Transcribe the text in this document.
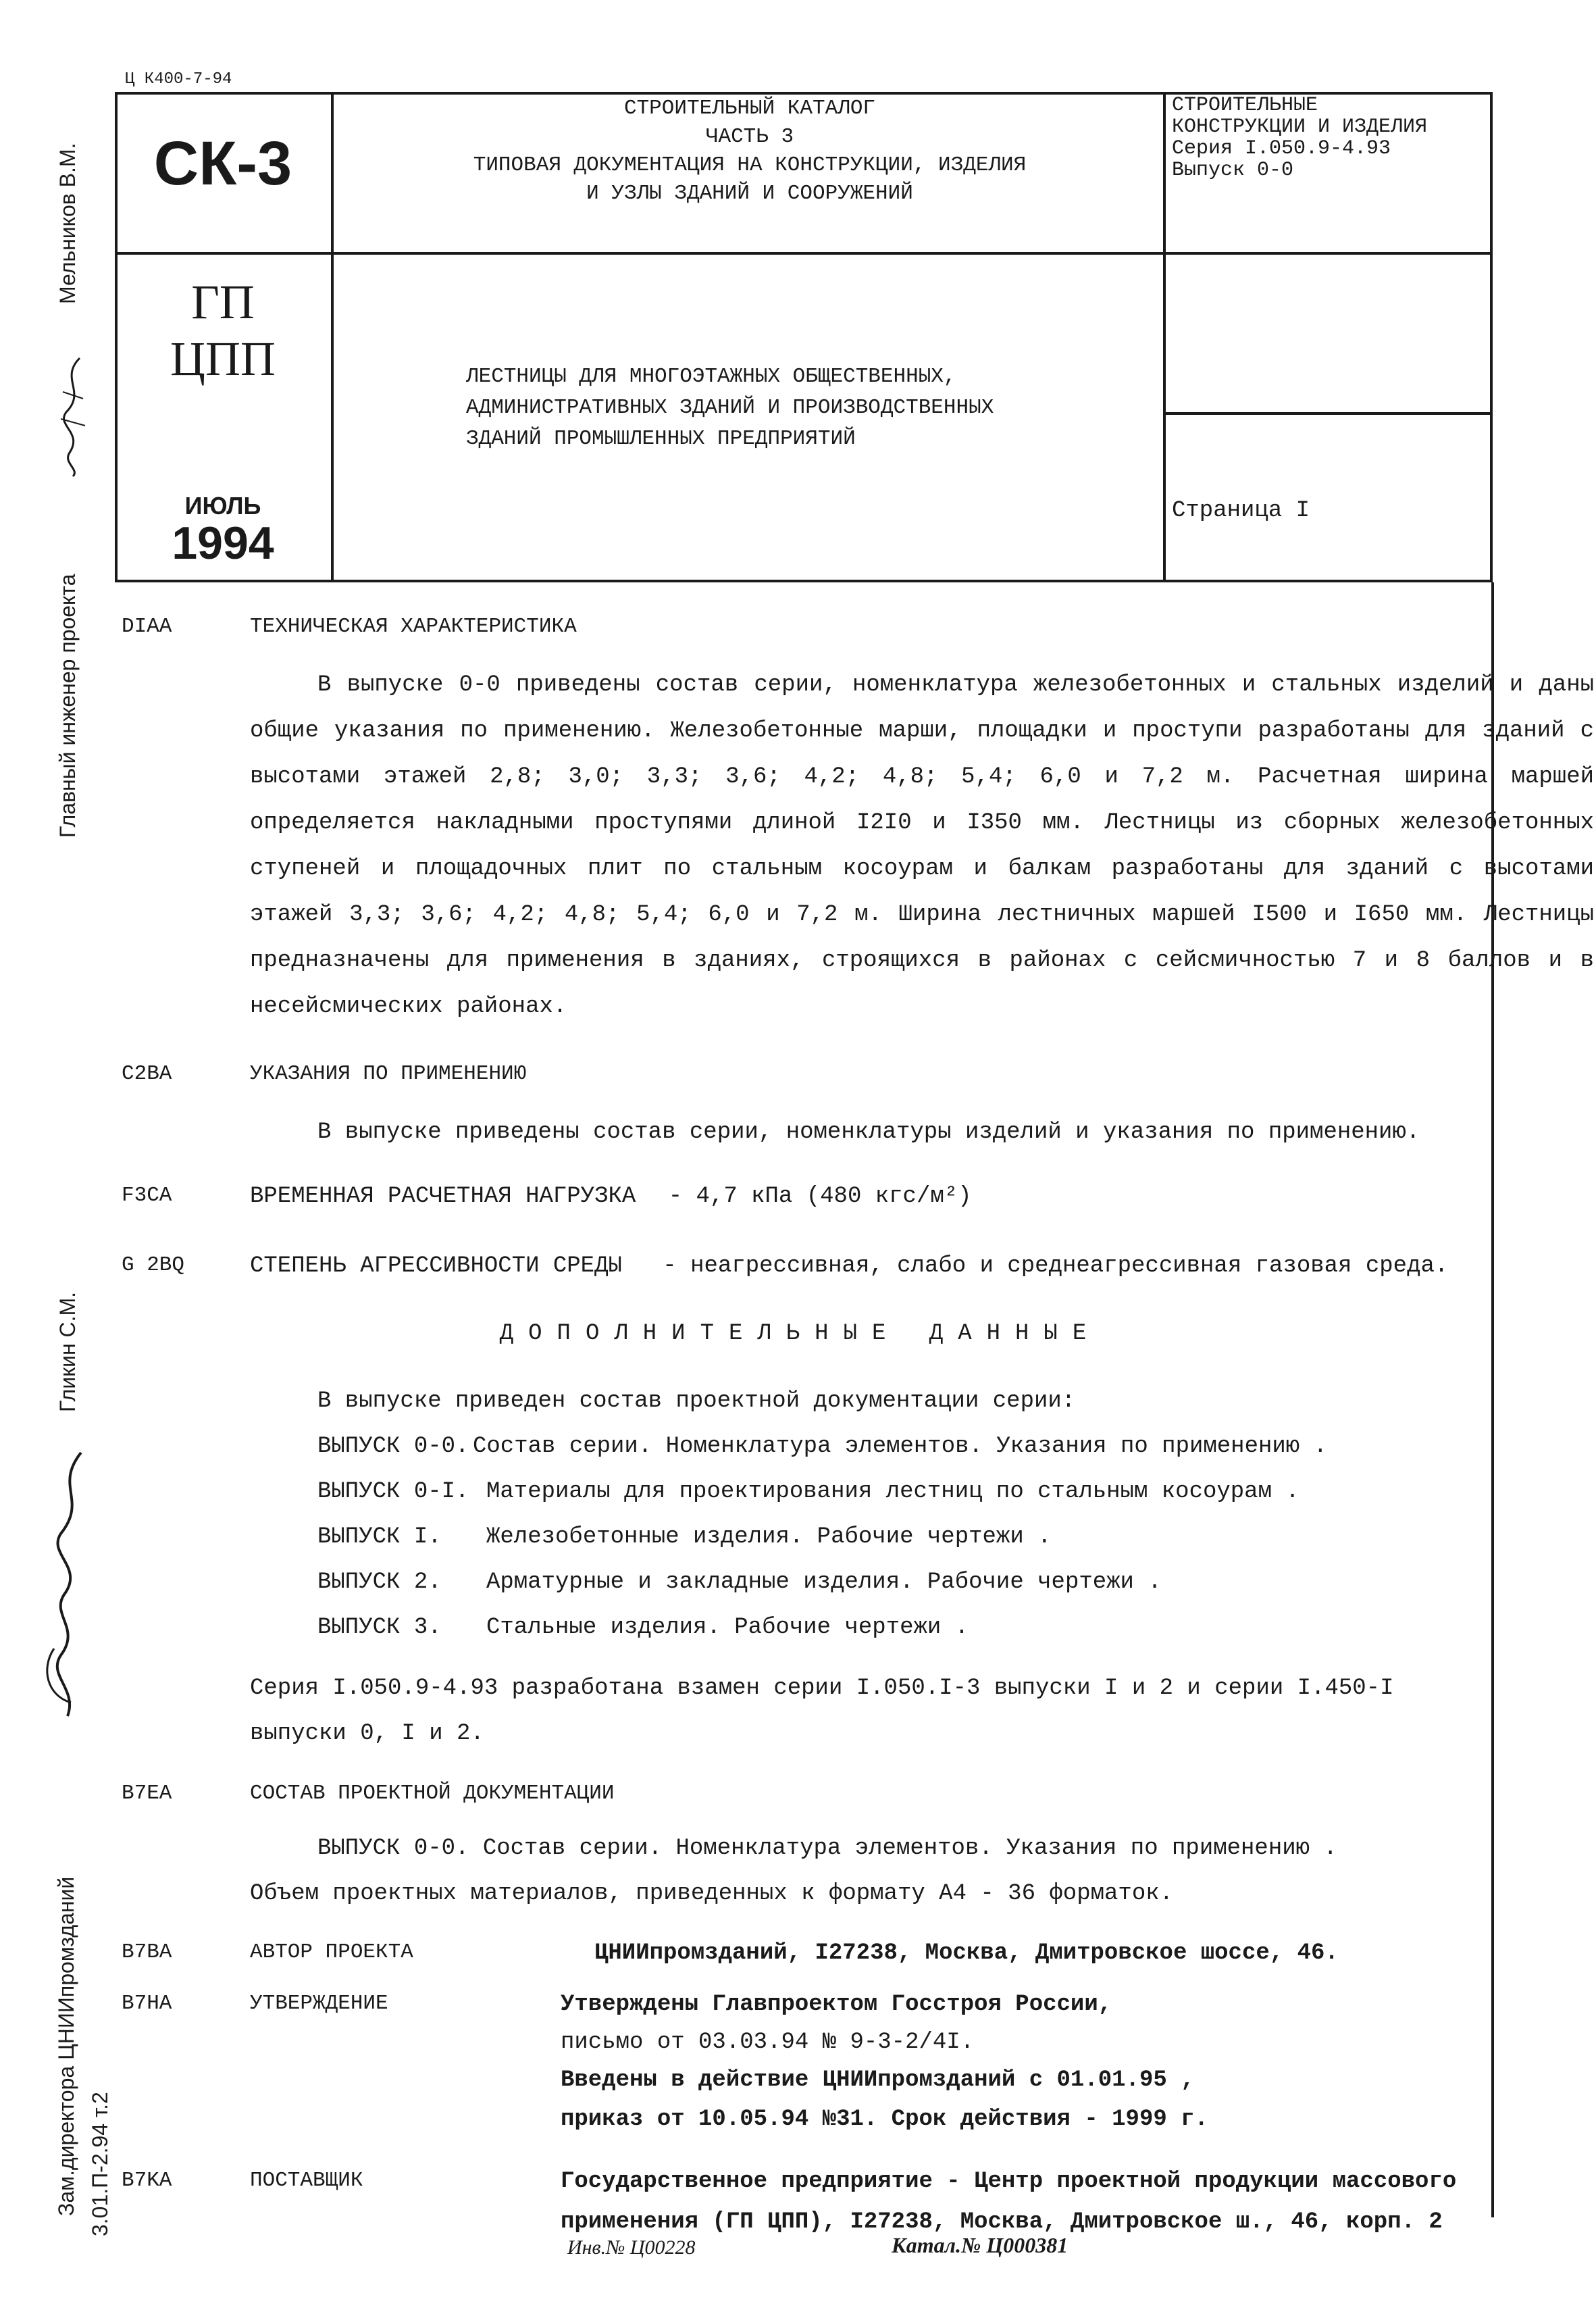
Ц К400-7-94
СК-3
ГП
ЦПП
ИЮЛЬ
1994
СТРОИТЕЛЬНЫЙ КАТАЛОГ
ЧАСТЬ 3
ТИПОВАЯ ДОКУМЕНТАЦИЯ НА КОНСТРУКЦИИ, ИЗДЕЛИЯ
И УЗЛЫ ЗДАНИЙ И СООРУЖЕНИЙ
ЛЕСТНИЦЫ ДЛЯ МНОГОЭТАЖНЫХ ОБЩЕСТВЕННЫХ,
АДМИНИСТРАТИВНЫХ ЗДАНИЙ И ПРОИЗВОДСТВЕННЫХ
ЗДАНИЙ ПРОМЫШЛЕННЫХ ПРЕДПРИЯТИЙ
СТРОИТЕЛЬНЫЕ
КОНСТРУКЦИИ И ИЗДЕЛИЯ
Серия I.050.9-4.93
Выпуск 0-0
Страница I
Мельников В.М.
Главный инженер проекта
Гликин С.М.
Зам.директора ЦНИИпромзданий 3.01.П-2.94 т.2
DIAA	ТЕХНИЧЕСКАЯ ХАРАКТЕРИСТИКА
В выпуске 0-0 приведены состав серии, номенклатура железобетонных и стальных изделий и даны общие указания по применению. Железобетонные марши, площадки и проступи разработаны для зданий с высотами этажей 2,8; 3,0; 3,3; 3,6; 4,2; 4,8; 5,4; 6,0 и 7,2 м. Расчетная ширина маршей определяется накладными проступями длиной I2I0 и I350 мм. Лестницы из сборных железобетонных ступеней и площадочных плит по стальным косоурам и балкам разработаны для зданий с высотами этажей 3,3; 3,6; 4,2; 4,8; 5,4; 6,0 и 7,2 м. Ширина лестничных маршей I500 и I650 мм. Лестницы предназначены для применения в зданиях, строящихся в районах с сейсмичностью 7 и 8 баллов и в несейсмических районах.
C2BA	УКАЗАНИЯ ПО ПРИМЕНЕНИЮ
В выпуске приведены состав серии, номенклатуры изделий и указания по применению.
F3CA	ВРЕМЕННАЯ РАСЧЕТНАЯ НАГРУЗКА - 4,7 кПа (480 кгс/м²)
G 2BQ	СТЕПЕНЬ АГРЕССИВНОСТИ СРЕДЫ - неагрессивная, слабо и среднеагрессивная газовая среда.
ДОПОЛНИТЕЛЬНЫЕ ДАННЫЕ
В выпуске приведен состав проектной документации серии:
ВЫПУСК 0-0. Состав серии. Номенклатура элементов. Указания по применению .
ВЫПУСК 0-I. Материалы для проектирования лестниц по стальным косоурам .
ВЫПУСК I. Железобетонные изделия. Рабочие чертежи .
ВЫПУСК 2. Арматурные и закладные изделия. Рабочие чертежи .
ВЫПУСК 3. Стальные изделия. Рабочие чертежи .
Серия I.050.9-4.93 разработана взамен серии I.050.I-3 выпуски I и 2 и серии I.450-I
выпуски 0, I и 2.
B7EA	СОСТАВ ПРОЕКТНОЙ ДОКУМЕНТАЦИИ
ВЫПУСК 0-0. Состав серии. Номенклатура элементов. Указания по применению .
Объем проектных материалов, приведенных к формату А4 - 36 форматок.
B7BA	АВТОР ПРОЕКТА	ЦНИИпромзданий, I27238, Москва, Дмитровское шоссе, 46.
B7HA	УТВЕРЖДЕНИЕ	Утверждены Главпроектом Госстроя России,
письмо от 03.03.94 № 9-3-2/4I.
Введены в действие ЦНИИпромзданий с 01.01.95 ,
приказ от 10.05.94 №31. Срок действия - 1999 г.
B7KA	ПОСТАВЩИК	Государственное предприятие - Центр проектной продукции массового
применения (ГП ЦПП), I27238, Москва, Дмитровское ш., 46, корп. 2
Инв.№ Ц00228	Катал.№ Ц000381
